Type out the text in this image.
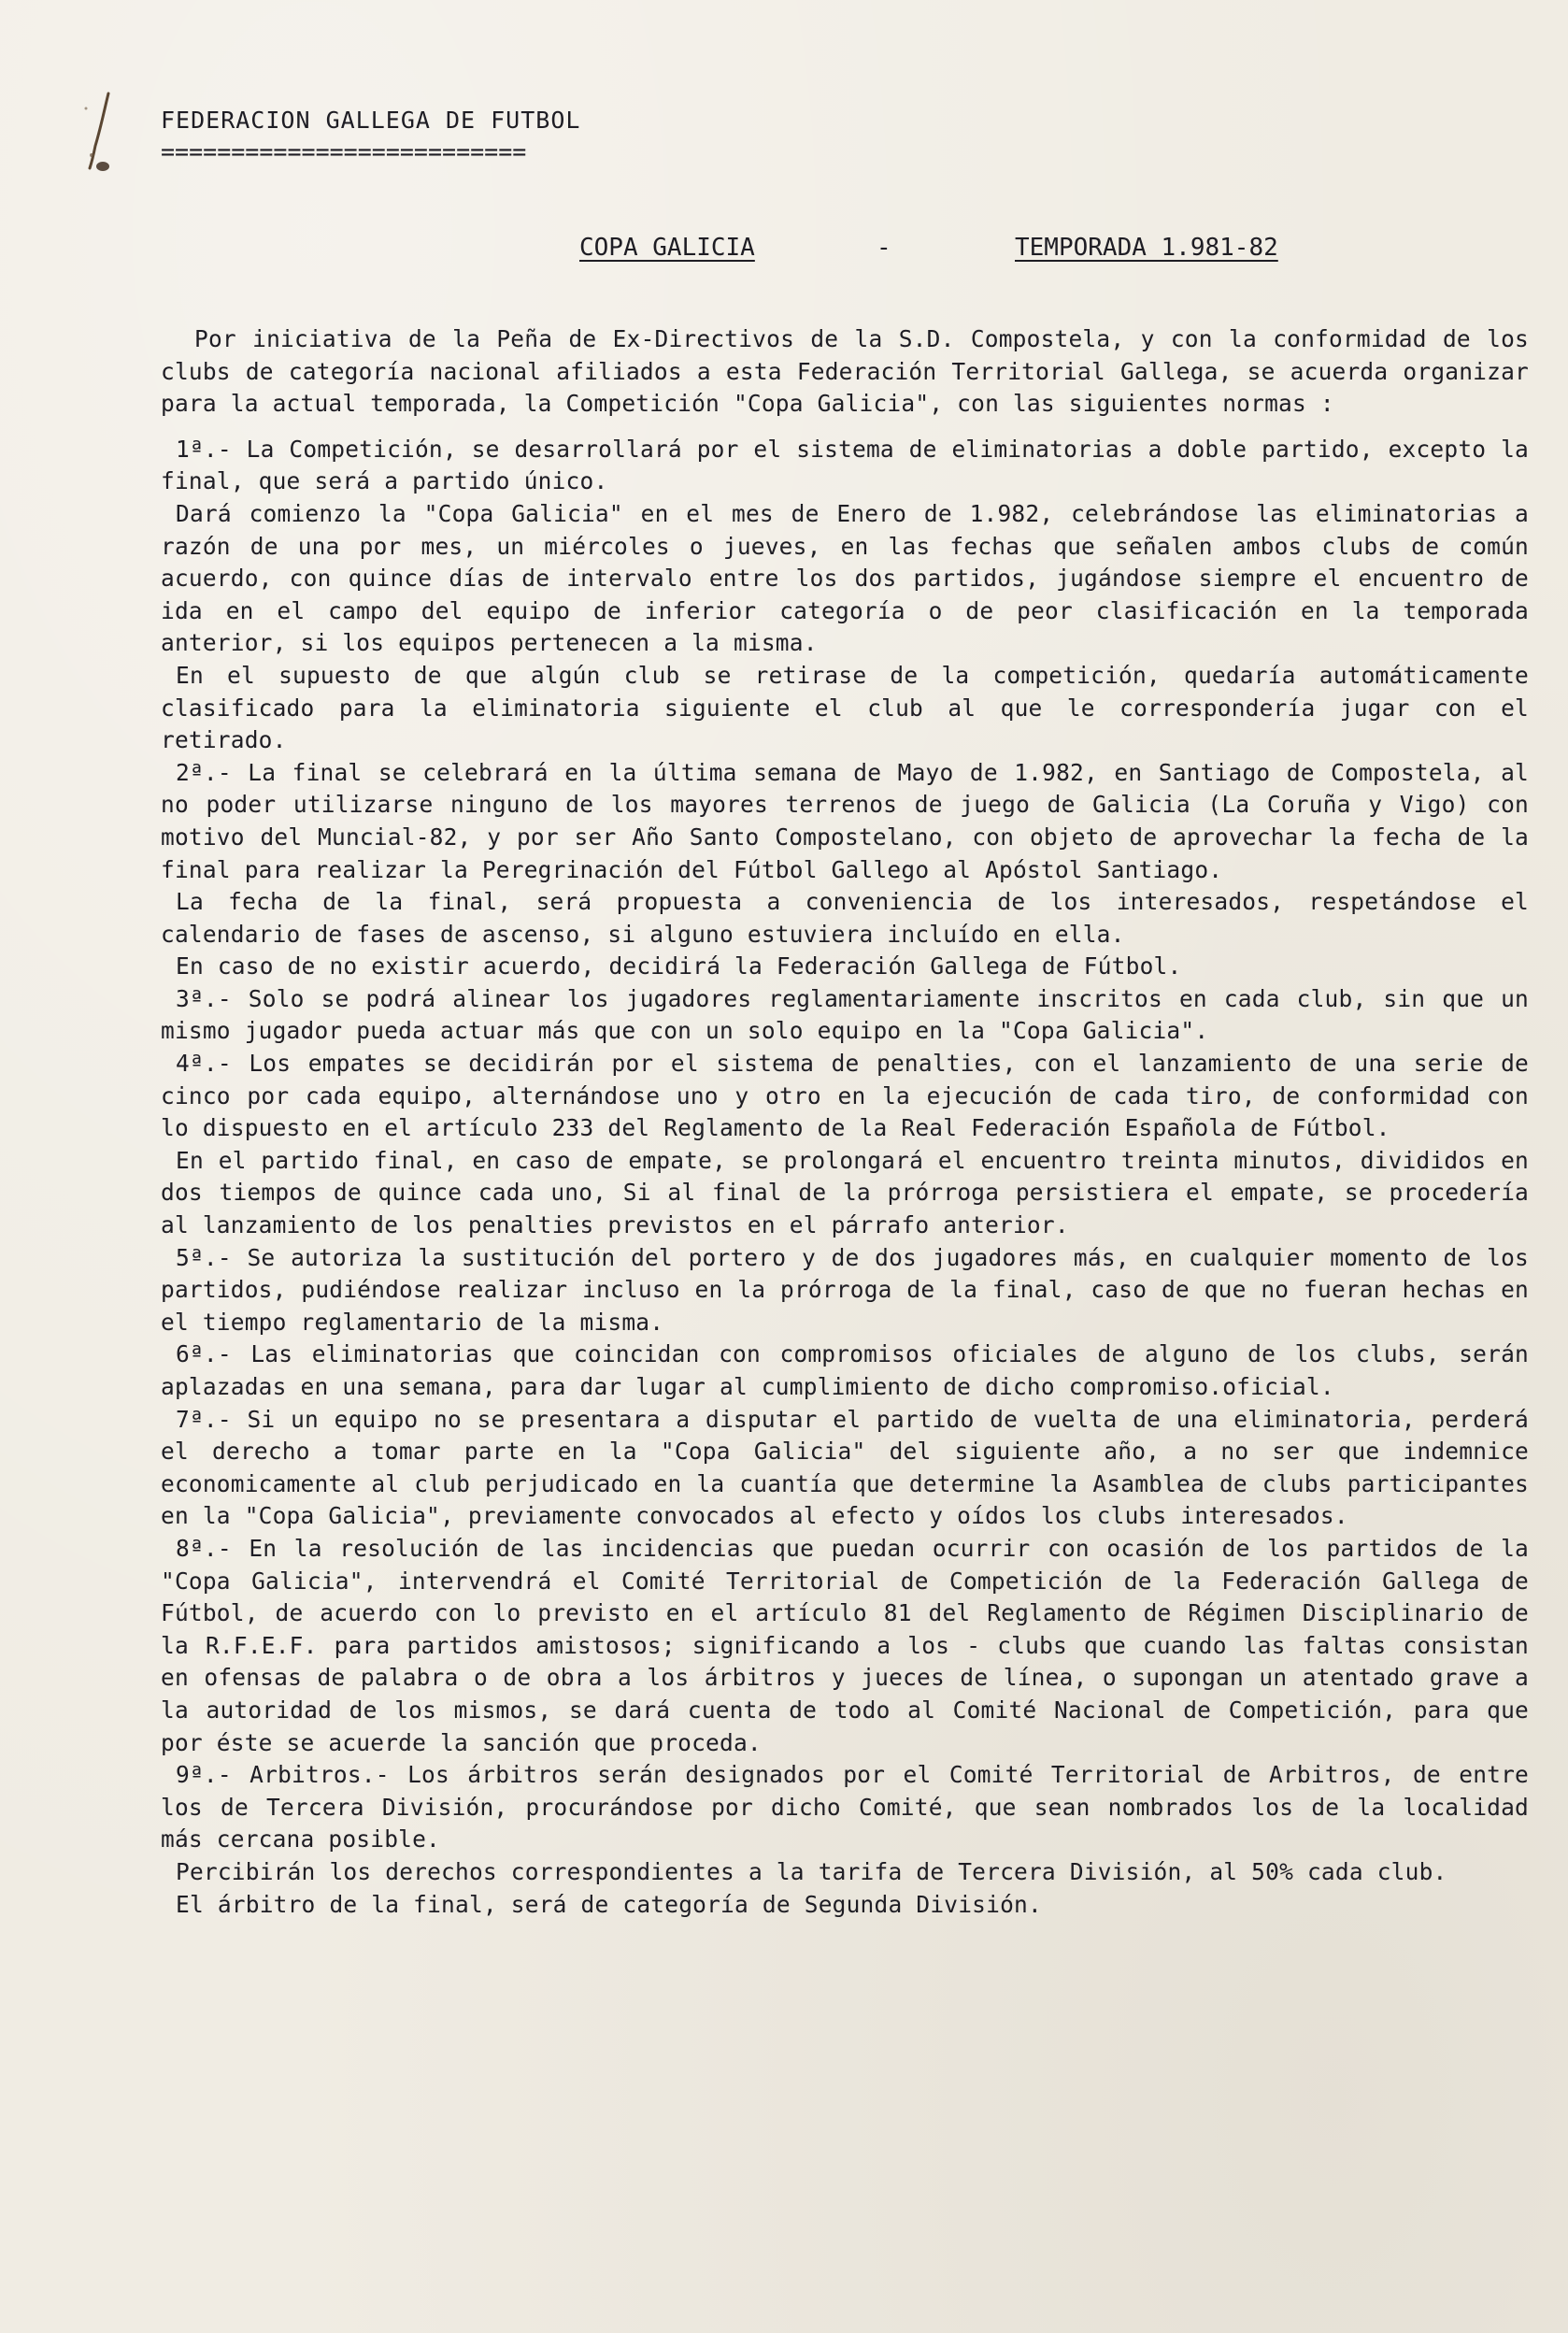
FEDERACION GALLEGA DE FUTBOL
==========================
COPA GALICIA	-	TEMPORADA 1.981-82

Por iniciativa de la Peña de Ex-Directivos de la S.D. Compostela, y con la conformidad de los clubs de categoría nacional afiliados a esta Federación Territorial Gallega, se acuerda organizar para la actual temporada, la Competición "Copa Galicia", con las siguientes normas :

1ª.- La Competición, se desarrollará por el sistema de eliminatorias a doble partido, excepto la final, que será a partido único.

Dará comienzo la "Copa Galicia" en el mes de Enero de 1.982, celebrándose las eliminatorias a razón de una por mes, un miércoles o jueves, en las fechas que señalen ambos clubs de común acuerdo, con quince días de intervalo entre los dos partidos, jugándose siempre el encuentro de ida en el campo del equipo de inferior categoría o de peor clasificación en la temporada anterior, si los equipos pertenecen a la misma.

En el supuesto de que algún club se retirase de la competición, quedaría automáticamente clasificado para la eliminatoria siguiente el club al que le correspondería jugar con el retirado.

2ª.- La final se celebrará en la última semana de Mayo de 1.982, en Santiago de Compostela, al no poder utilizarse ninguno de los mayores terrenos de juego de Galicia (La Coruña y Vigo) con motivo del Muncial-82, y por ser Año Santo Compostelano, con objeto de aprovechar la fecha de la final para realizar la Peregrinación del Fútbol Gallego al Apóstol Santiago.

La fecha de la final, será propuesta a conveniencia de los interesados, respetándose el calendario de fases de ascenso, si alguno estuviera incluído en ella.

En caso de no existir acuerdo, decidirá la Federación Gallega de Fútbol.

3ª.- Solo se podrá alinear los jugadores reglamentariamente inscritos en cada club, sin que un mismo jugador pueda actuar más que con un solo equipo en la "Copa Galicia".

4ª.- Los empates se decidirán por el sistema de penalties, con el lanzamiento de una serie de cinco por cada equipo, alternándose uno y otro en la ejecución de cada tiro, de conformidad con lo dispuesto en el artículo 233 del Reglamento de la Real Federación Española de Fútbol.

En el partido final, en caso de empate, se prolongará el encuentro treinta minutos, divididos en dos tiempos de quince cada uno, Si al final de la prórroga persistiera el empate, se procedería al lanzamiento de los penalties previstos en el párrafo anterior.

5ª.- Se autoriza la sustitución del portero y de dos jugadores más, en cualquier momento de los partidos, pudiéndose realizar incluso en la prórroga de la final, caso de que no fueran hechas en el tiempo reglamentario de la misma.

6ª.- Las eliminatorias que coincidan con compromisos oficiales de alguno de los clubs, serán aplazadas en una semana, para dar lugar al cumplimiento de dicho compromiso.oficial.

7ª.- Si un equipo no se presentara a disputar el partido de vuelta de una eliminatoria, perderá el derecho a tomar parte en la "Copa Galicia" del siguiente año, a no ser que indemnice economicamente al club perjudicado en la cuantía que determine la Asamblea de clubs participantes en la "Copa Galicia", previamente convocados al efecto y oídos los clubs interesados.

8ª.- En la resolución de las incidencias que puedan ocurrir con ocasión de los partidos de la "Copa Galicia", intervendrá el Comité Territorial de Competición de la Federación Gallega de Fútbol, de acuerdo con lo previsto en el artículo 81 del Reglamento de Régimen Disciplinario de la R.F.E.F. para partidos amistosos; significando a los - clubs que cuando las faltas consistan en ofensas de palabra o de obra a los árbitros y jueces de línea, o supongan un atentado grave a la autoridad de los mismos, se dará cuenta de todo al Comité Nacional de Competición, para que por éste se acuerde la sanción que proceda.

9ª.- Arbitros.- Los árbitros serán designados por el Comité Territorial de Arbitros, de entre los de Tercera División, procurándose por dicho Comité, que sean nombrados los de la localidad más cercana posible.

Percibirán los derechos correspondientes a la tarifa de Tercera División, al 50% cada club.

El árbitro de la final, será de categoría de Segunda División.
